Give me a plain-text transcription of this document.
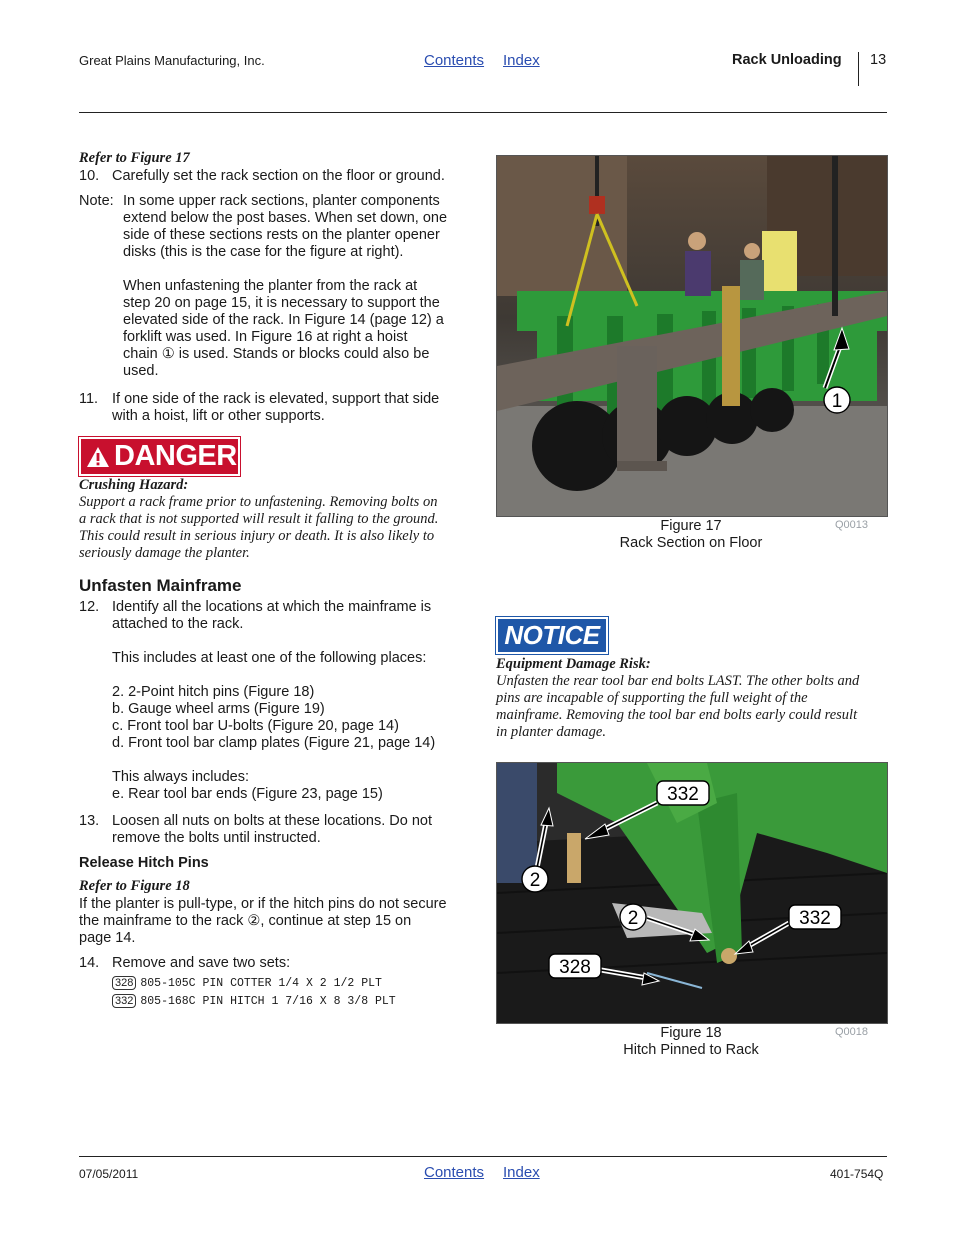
Great Plains Manufacturing, Inc.	Contents Index	Rack Unloading 13
Refer to Figure 17
10. Carefully set the rack section on the floor or ground.
Note: In some upper rack sections, planter components
extend below the post bases. When set down, one
side of these sections rests on the planter opener
disks (this is the case for the figure at right).
When unfastening the planter from the rack at
step 20 on page 15, it is necessary to support the
elevated side of the rack. In Figure 14 (page 12) a
forklift was used. In Figure 16 at right a hoist
chain ① is used. Stands or blocks could also be
used.
11. If one side of the rack is elevated, support that side
with a hoist, lift or other supports.
DANGER
Crushing Hazard:
Support a rack frame prior to unfastening. Removing bolts on
a rack that is not supported will result it falling to the ground.
This could result in serious injury or death. It is also likely to
seriously damage the planter.
Unfasten Mainframe
12. Identify all the locations at which the mainframe is
attached to the rack.
This includes at least one of the following places:
2. 2-Point hitch pins (Figure 18)
b. Gauge wheel arms (Figure 19)
c. Front tool bar U-bolts (Figure 20, page 14)
d. Front tool bar clamp plates (Figure 21, page 14)
This always includes:
e. Rear tool bar ends (Figure 23, page 15)
13. Loosen all nuts on bolts at these locations. Do not
remove the bolts until instructed.
Release Hitch Pins
Refer to Figure 18
If the planter is pull-type, or if the hitch pins do not secure
the mainframe to the rack ②, continue at step 15 on
page 14.
14. Remove and save two sets:
328 805-105C PIN COTTER 1/4 X 2 1/2 PLT
332 805-168C PIN HITCH 1 7/16 X 8 3/8 PLT
1
Figure 17
Rack Section on Floor
Q0013
NOTICE
Equipment Damage Risk:
Unfasten the rear tool bar end bolts LAST. The other bolts and
pins are incapable of supporting the full weight of the
mainframe. Removing the tool bar end bolts early could result
in planter damage.
332
2
2	332
328
Figure 18
Hitch Pinned to Rack
Q0018
07/05/2011	Contents Index	401-754Q
